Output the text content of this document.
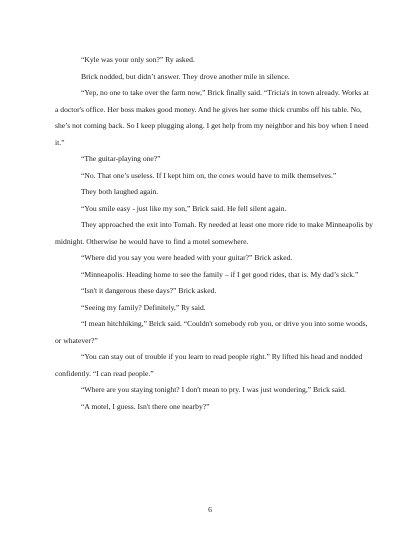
“Kyle was your only son?” Ry asked.

Brick nodded, but didn’t answer. They drove another mile in silence.

“Yep, no one to take over the farm now,” Brick finally said. “Tricia's in town already. Works at a doctor's office. Her boss makes good money. And he gives her some thick crumbs off his table. No, she’s not coming back. So I keep plugging along. I get help from my neighbor and his boy when I need it.”

“The guitar-playing one?”

“No. That one’s useless. If I kept him on, the cows would have to milk themselves.”

They both laughed again.

“You smile easy - just like my son,” Brick said. He fell silent again.

They approached the exit into Tomah. Ry needed at least one more ride to make Minneapolis by midnight. Otherwise he would have to find a motel somewhere.

“Where did you say you were headed with your guitar?” Brick asked.

“Minneapolis. Heading home to see the family – if I get good rides, that is. My dad’s sick.”

“Isn't it dangerous these days?” Brick asked.

“Seeing my family? Definitely,” Ry said.

“I mean hitchhiking,” Brick said. “Couldn't somebody rob you, or drive you into some woods, or whatever?”

“You can stay out of trouble if you learn to read people right.” Ry lifted his head and nodded confidently. “I can read people.”

“Where are you staying tonight? I don't mean to pry. I was just wondering,” Brick said.

“A motel, I guess. Isn't there one nearby?”

6
